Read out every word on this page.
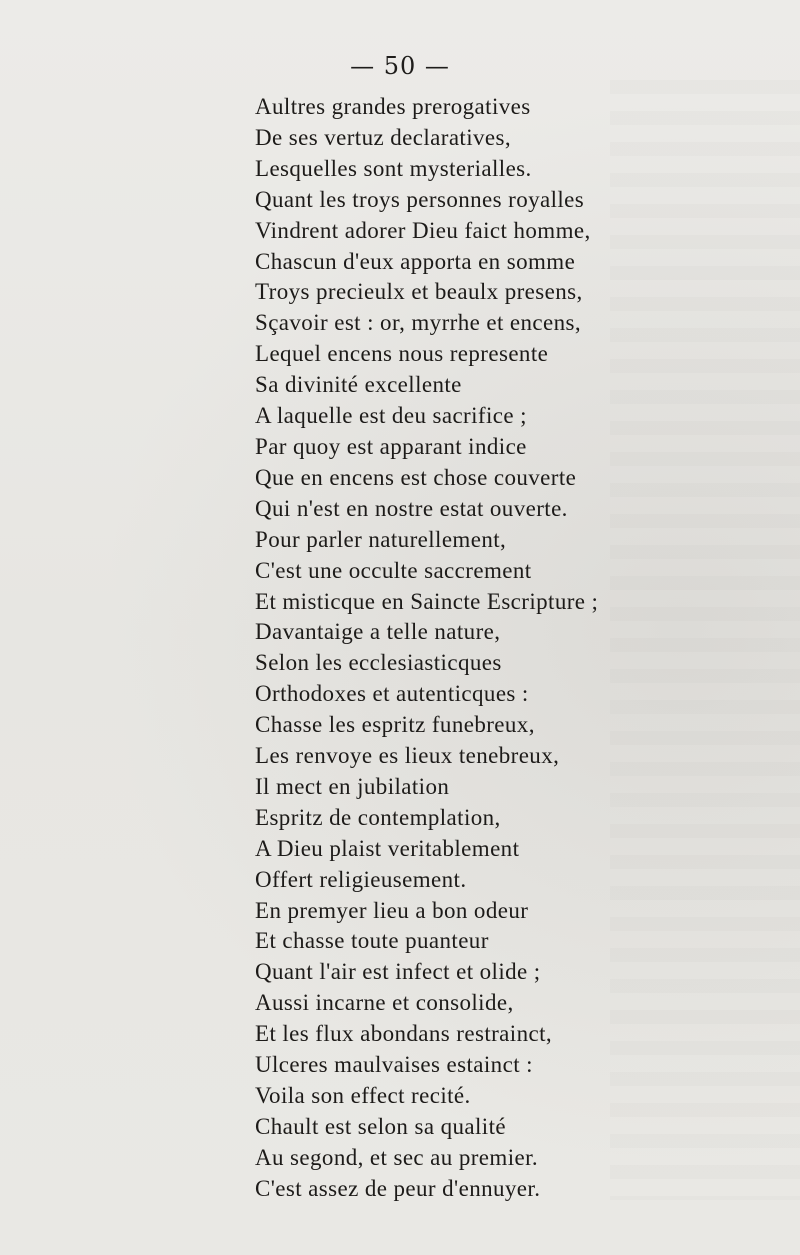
— 50 —
Aultres grandes prerogatives
De ses vertuz declaratives,
Lesquelles sont mysterialles.
Quant les troys personnes royalles
Vindrent adorer Dieu faict homme,
Chascun d'eux apporta en somme
Troys precieulx et beaulx presens,
Sçavoir est : or, myrrhe et encens,
Lequel encens nous represente
Sa divinité excellente
A laquelle est deu sacrifice ;
Par quoy est apparant indice
Que en encens est chose couverte
Qui n'est en nostre estat ouverte.
Pour parler naturellement,
C'est une occulte saccrement
Et misticque en Saincte Escripture ;
Davantaige a telle nature,
Selon les ecclesiasticques
Orthodoxes et autenticques :
Chasse les espritz funebreux,
Les renvoye es lieux tenebreux,
Il mect en jubilation
Espritz de contemplation,
A Dieu plaist veritablement
Offert religieusement.
En premyer lieu a bon odeur
Et chasse toute puanteur
Quant l'air est infect et olide ;
Aussi incarne et consolide,
Et les flux abondans restrainct,
Ulceres maulvaises estainct :
Voila son effect recité.
Chault est selon sa qualité
Au segond, et sec au premier.
C'est assez de peur d'ennuyer.
